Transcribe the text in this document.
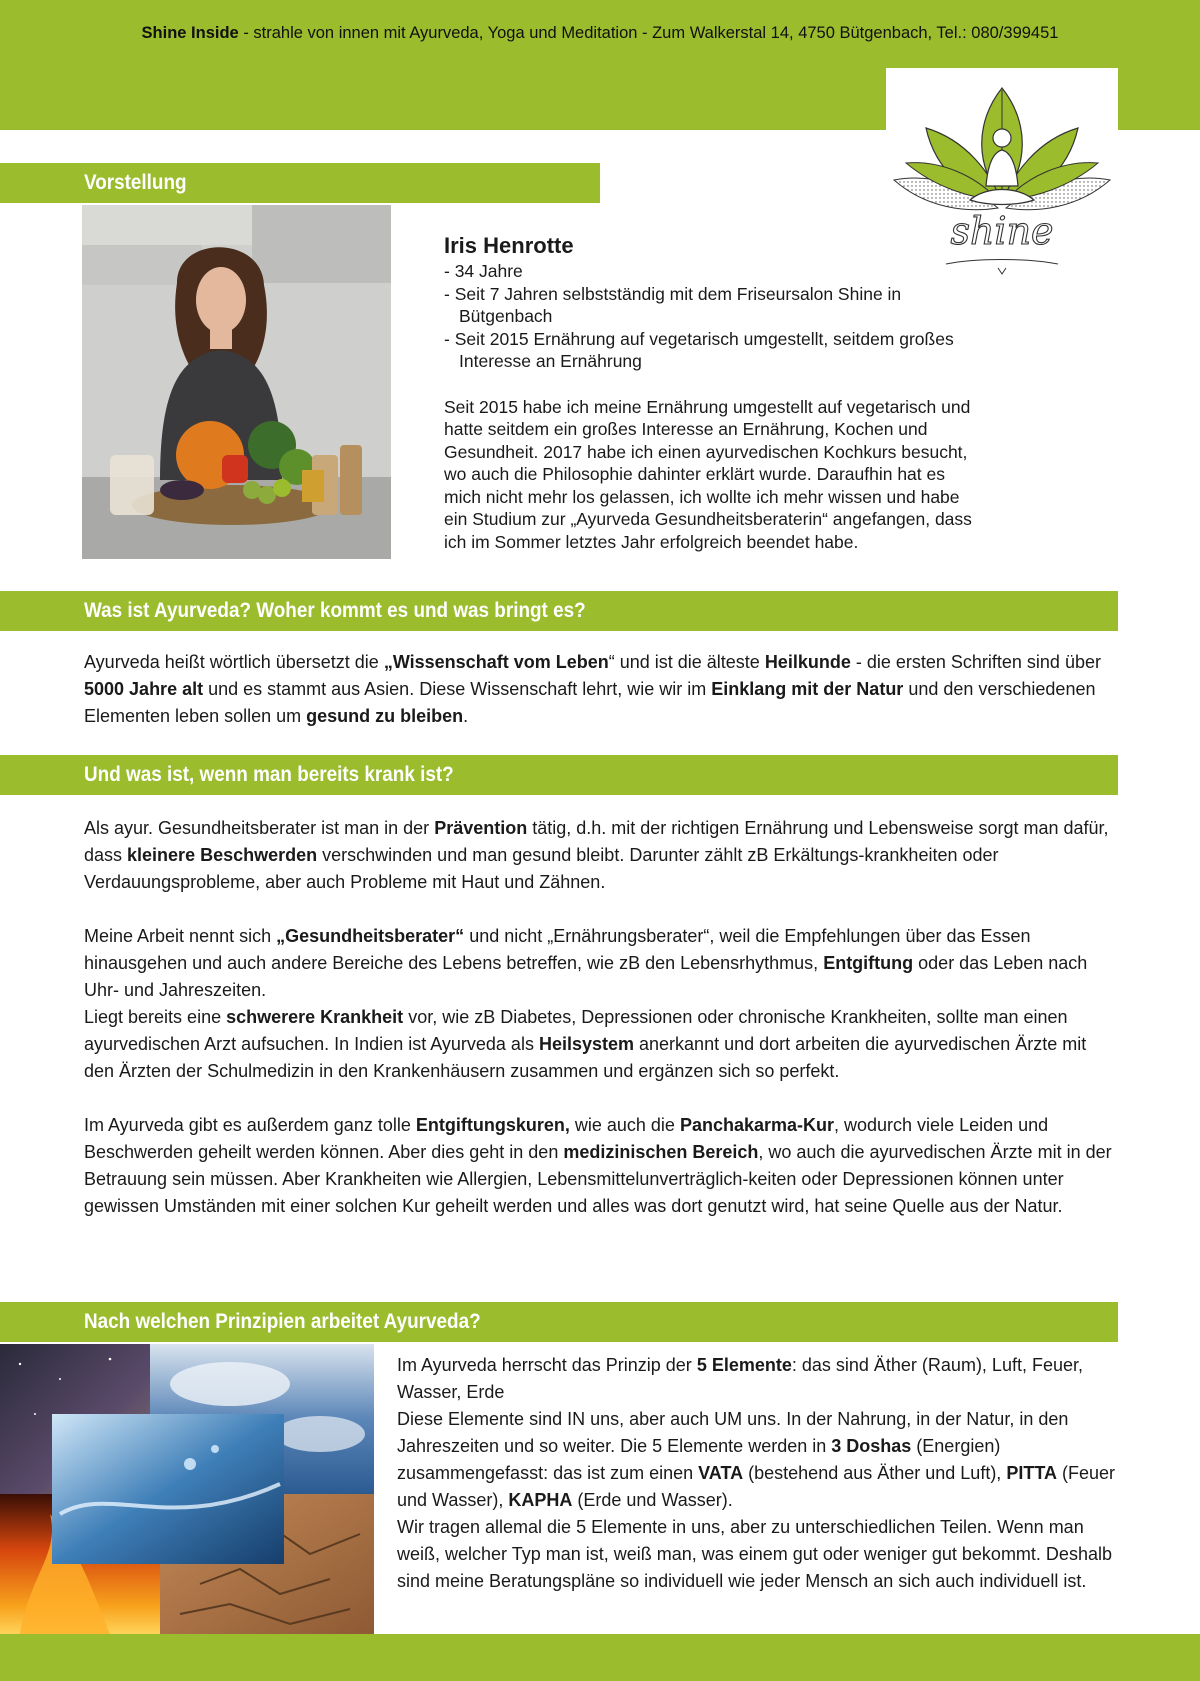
Shine Inside - strahle von innen mit Ayurveda, Yoga und Meditation - Zum Walkerstal 14, 4750 Bütgenbach, Tel.: 080/399451
shine
Vorstellung
Iris Henrotte
- 34 Jahre
- Seit 7 Jahren selbstständig mit dem Friseursalon Shine in Bütgenbach
- Seit 2015 Ernährung auf vegetarisch umgestellt, seitdem großes Interesse an Ernährung
Seit 2015 habe ich meine Ernährung umgestellt auf vegetarisch und hatte seitdem ein großes Interesse an Ernährung, Kochen und Gesundheit. 2017 habe ich einen ayurvedischen Kochkurs besucht, wo auch die Philosophie dahinter erklärt wurde. Daraufhin hat es mich nicht mehr los gelassen, ich wollte ich mehr wissen und habe ein Studium zur „Ayurveda Gesundheitsberaterin“ angefangen, dass ich im Sommer letztes Jahr erfolgreich beendet habe.
Was ist Ayurveda? Woher kommt es und was bringt es?

Ayurveda heißt wörtlich übersetzt die „Wissenschaft vom Leben“ und ist die älteste Heilkunde - die ersten Schriften sind über 5000 Jahre alt und es stammt aus Asien. Diese Wissenschaft lehrt, wie wir im Einklang mit der Natur und den verschiedenen Elementen leben sollen um gesund zu bleiben.

Und was ist, wenn man bereits krank ist?

Als ayur. Gesundheitsberater ist man in der Prävention tätig, d.h. mit der richtigen Ernährung und Lebensweise sorgt man dafür, dass kleinere Beschwerden verschwinden und man gesund bleibt. Darunter zählt zB Erkältungs-krankheiten oder Verdauungsprobleme, aber auch Probleme mit Haut und Zähnen.

Meine Arbeit nennt sich „Gesundheitsberater“ und nicht „Ernährungsberater“, weil die Empfehlungen über das Essen hinausgehen und auch andere Bereiche des Lebens betreffen, wie zB den Lebensrhythmus, Entgiftung oder das Leben nach Uhr- und Jahreszeiten.

Liegt bereits eine schwerere Krankheit vor, wie zB Diabetes, Depressionen oder chronische Krankheiten, sollte man einen ayurvedischen Arzt aufsuchen. In Indien ist Ayurveda als Heilsystem anerkannt und dort arbeiten die ayurvedischen Ärzte mit den Ärzten der Schulmedizin in den Krankenhäusern zusammen und ergänzen sich so perfekt.

Im Ayurveda gibt es außerdem ganz tolle Entgiftungskuren, wie auch die Panchakarma-Kur, wodurch viele Leiden und Beschwerden geheilt werden können. Aber dies geht in den medizinischen Bereich, wo auch die ayurvedischen Ärzte mit in der Betrauung sein müssen. Aber Krankheiten wie Allergien, Lebensmittelunverträglich-keiten oder Depressionen können unter gewissen Umständen mit einer solchen Kur geheilt werden und alles was dort genutzt wird, hat seine Quelle aus der Natur.

Nach welchen Prinzipien arbeitet Ayurveda?
Im Ayurveda herrscht das Prinzip der 5 Elemente: das sind Äther (Raum), Luft, Feuer, Wasser, Erde
Diese Elemente sind IN uns, aber auch UM uns. In der Nahrung, in der Natur, in den Jahreszeiten und so weiter. Die 5 Elemente werden in 3 Doshas (Energien) zusammengefasst: das ist zum einen VATA (bestehend aus Äther und Luft), PITTA (Feuer und Wasser), KAPHA (Erde und Wasser).
Wir tragen allemal die 5 Elemente in uns, aber zu unterschiedlichen Teilen. Wenn man weiß, welcher Typ man ist, weiß man, was einem gut oder weniger gut bekommt. Deshalb sind meine Beratungspläne so individuell wie jeder Mensch an sich auch individuell ist.
